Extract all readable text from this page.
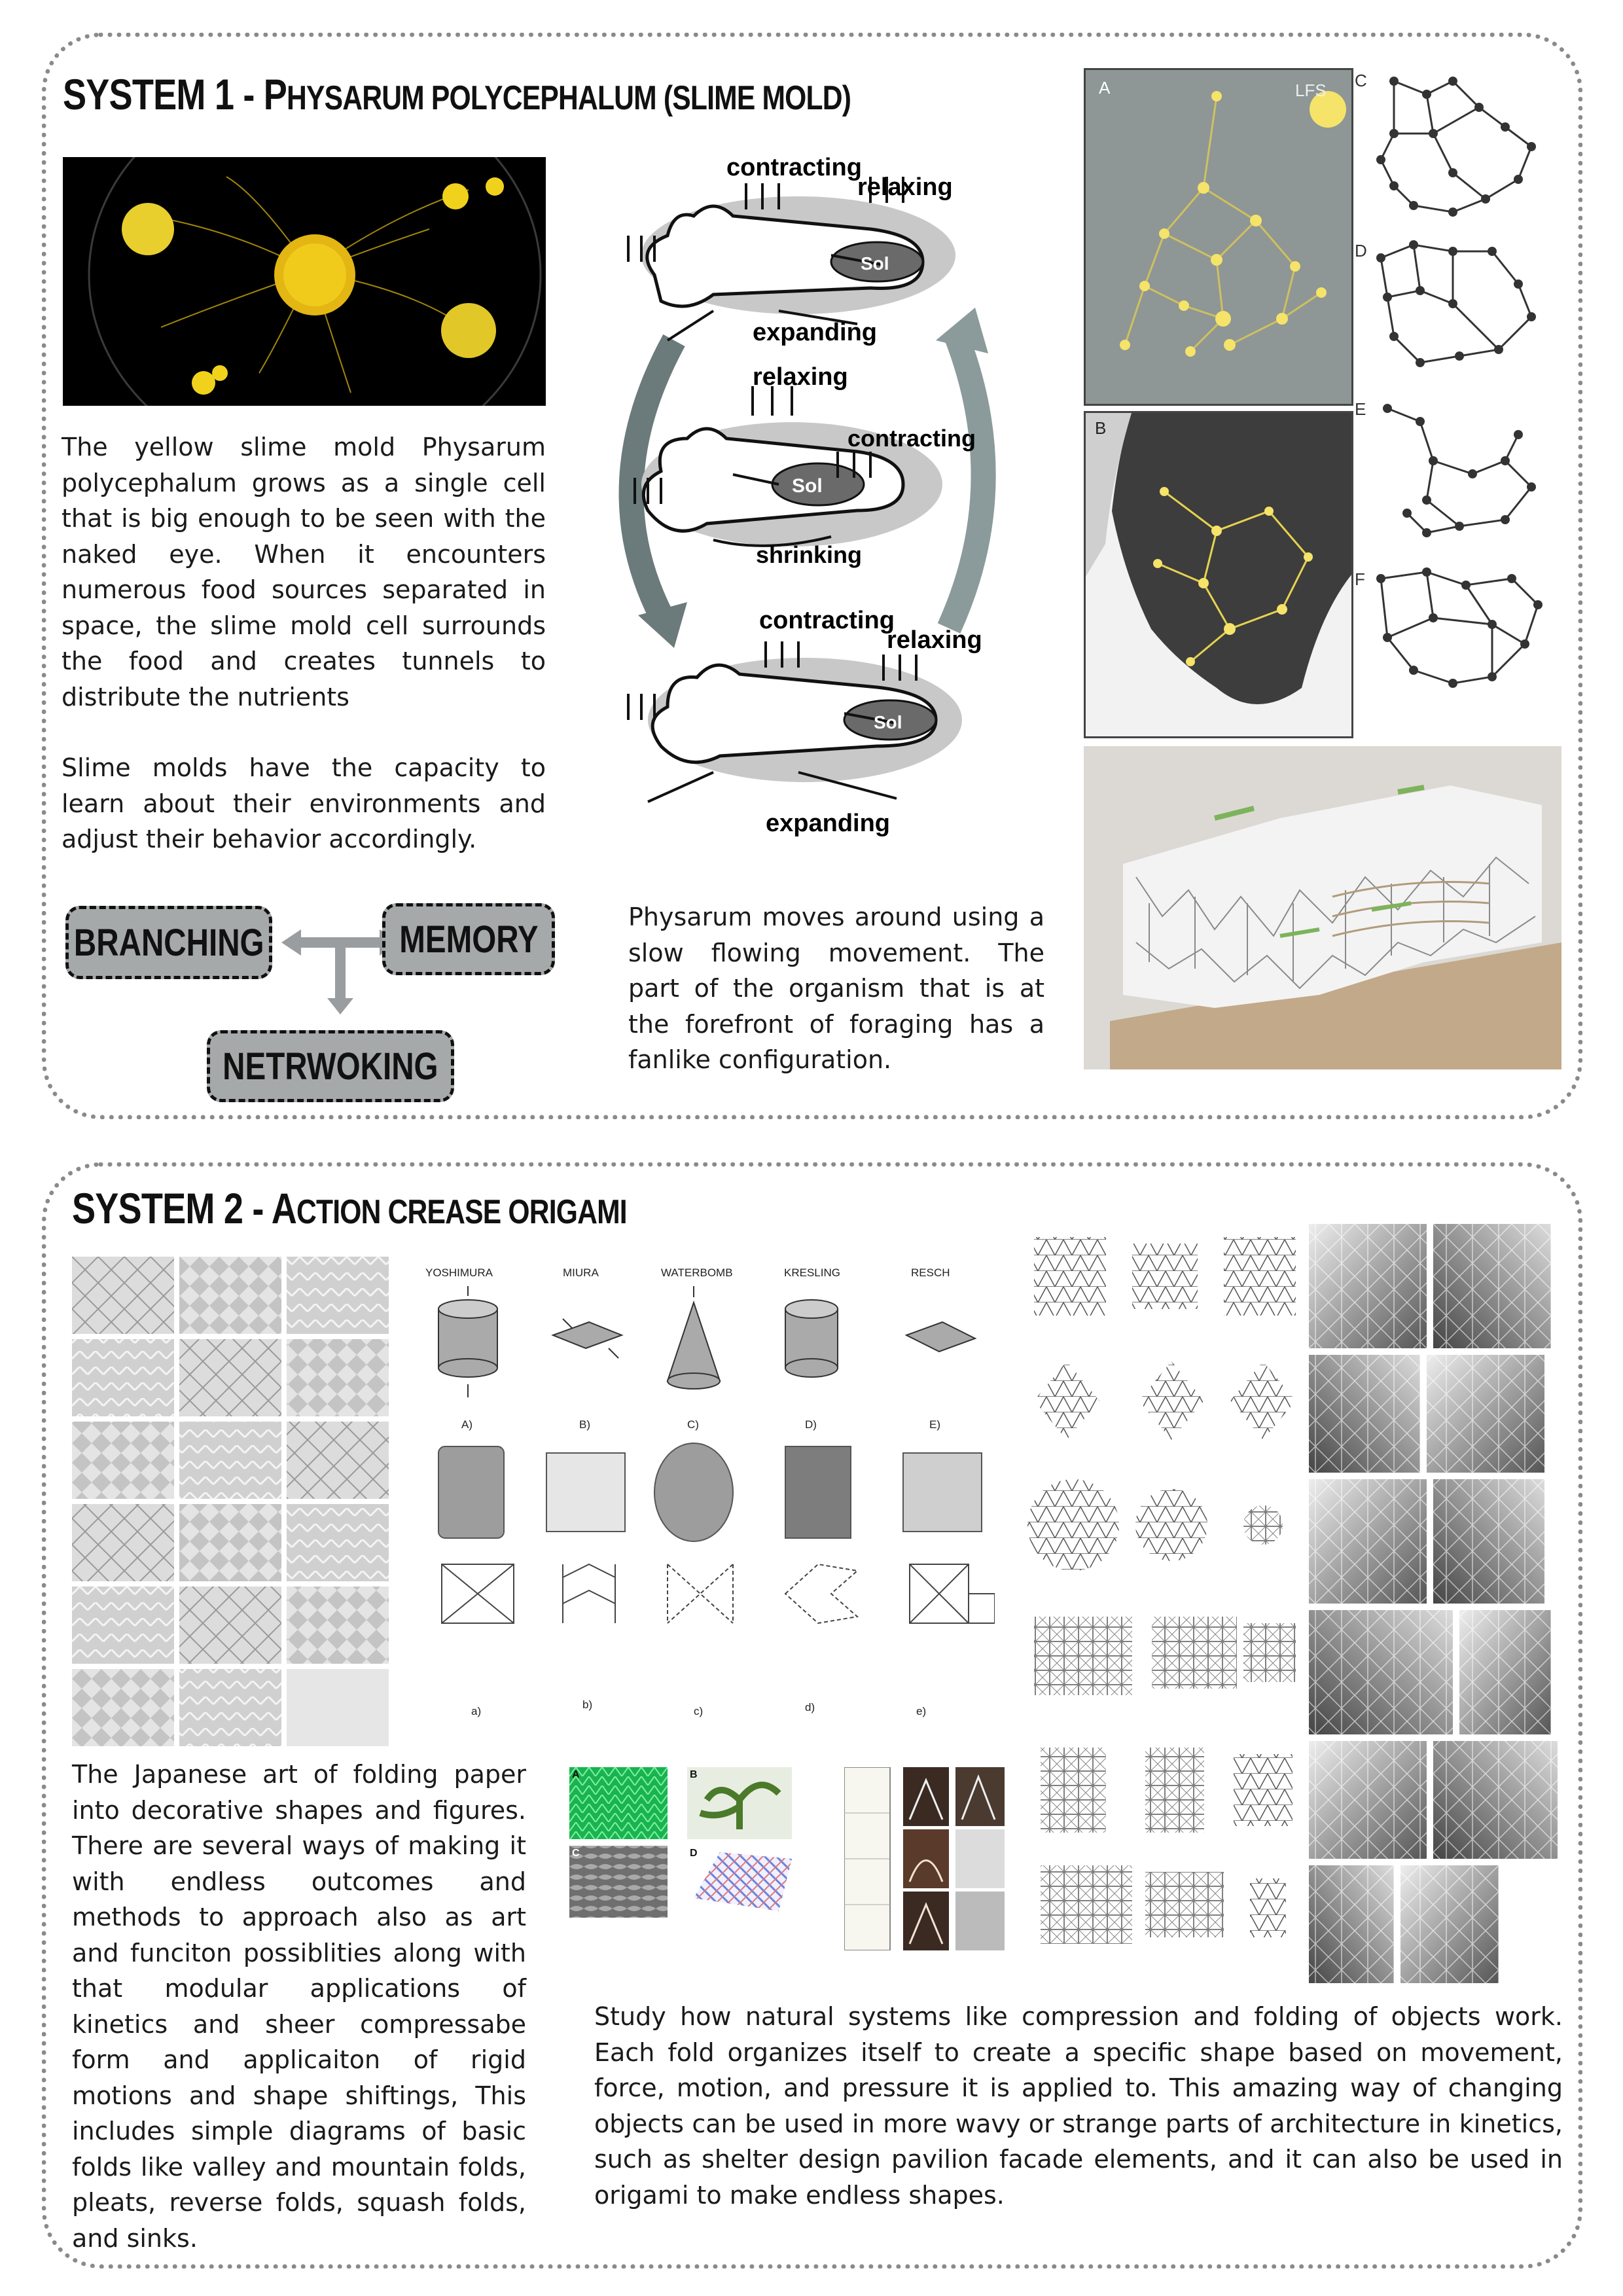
SYSTEM 1 - PHYSARUM POLYCEPHALUM (SLIME MOLD)
The yellow slime mold Physarum polycephalum grows as a single cell that is big enough to be seen with the naked eye. When it encounters numerous food sources separated in space, the slime mold cell surrounds the food and creates tunnels to distribute the nutrients
Slime molds have the capacity to learn about their environments and adjust their behavior accordingly.
BRANCHING	MEMORY
NETRWOKING
contracting
relaxing
Sol
expanding
relaxing
contracting
Sol
shrinking
contracting
relaxing
Sol
expanding
Physarum moves around using a slow flowing movement. The part of the organism that is at the forefront of foraging has a fanlike configuration.
A	LFS
B
C
D
E
F
SYSTEM 2 - ACTION CREASE ORIGAMI
YOSHIMURA	MIURA	WATERBOMB	KRESLING	RESCH
A)	B)	C)	D)	E)
a)
b)
c)	d)	e)
A	B
C	D
The Japanese art of folding paper into decorative shapes and figures. There are several ways of making it with endless outcomes and methods to approach also as art and funciton possiblities along with that modular applications of kinetics and sheer compressabe form and applicaiton of rigid motions and shape shiftings, This includes simple diagrams of basic folds like valley and mountain folds, pleats, reverse folds, squash folds, and sinks.
Study how natural systems like compression and folding of objects work. Each fold organizes itself to create a specific shape based on movement, force, motion, and pressure it is applied to. This amazing way of changing objects can be used in more wavy or strange parts of architecture in kinetics, such as shelter design pavilion facade elements, and it can also be used in origami to make endless shapes.
